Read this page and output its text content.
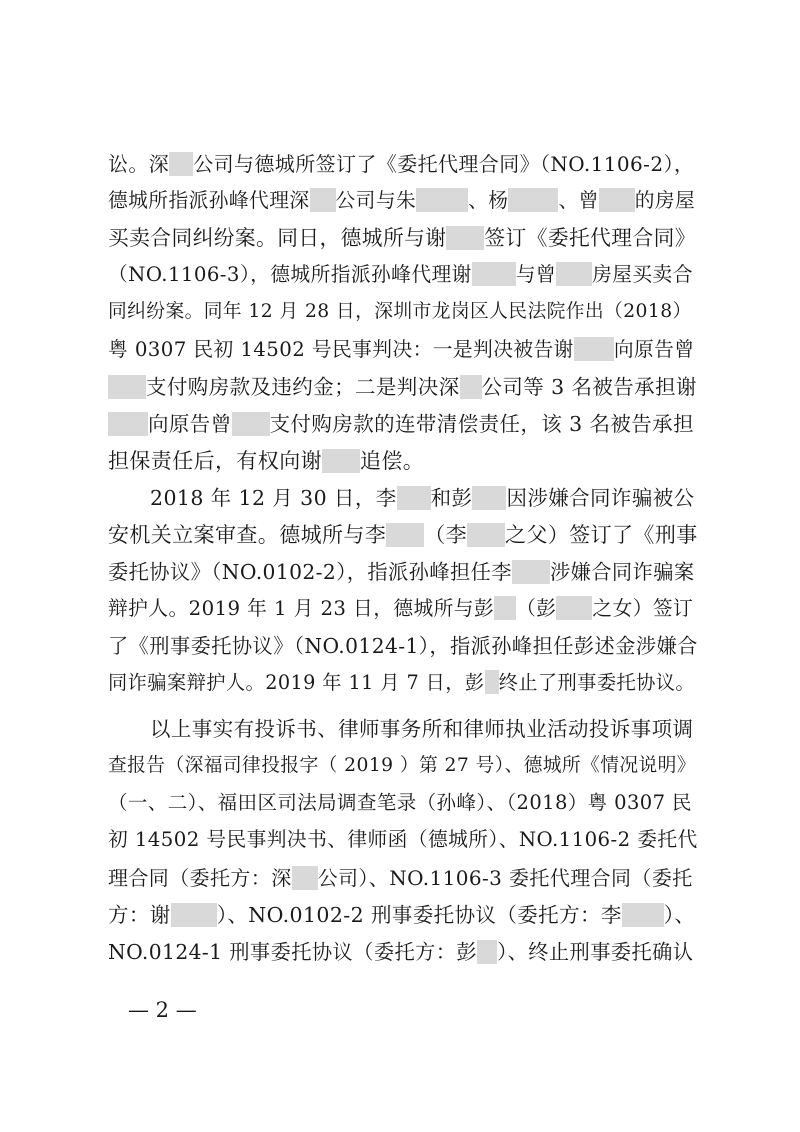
讼。深 公司与德城所签订了《委托代理合同》（NO.1106-2），
德城所指派孙峰代理深 公司与朱	、杨	、曾 的房屋
买卖合同纠纷案。同日，德城所与谢 签订《委托代理合同》
（NO.1106-3），德城所指派孙峰代理谢 与曾 房屋买卖合
同纠纷案。同年 12 月 28 日，深圳市龙岗区人民法院作出（2018）
粤 0307 民初 14502 号民事判决：一是判决被告谢 向原告曾
支付购房款及违约金；二是判决深 公司等 3 名被告承担谢
向原告曾 支付购房款的连带清偿责任，该 3 名被告承担
担保责任后，有权向谢 追偿。
2018 年 12 月 30 日，李 和彭 因涉嫌合同诈骗被公
安机关立案审查。德城所与李 （李 之父）签订了《刑事
委托协议》（NO.0102-2），指派孙峰担任李 涉嫌合同诈骗案
辩护人。2019 年 1 月 23 日，德城所与彭 （彭 之女）签订
了《刑事委托协议》（NO.0124-1），指派孙峰担任彭述金涉嫌合
同诈骗案辩护人。2019 年 11 月 7 日，彭 终止了刑事委托协议。
以上事实有投诉书、律师事务所和律师执业活动投诉事项调
查报告（深福司律投报字（ 2019 ）第 27 号）、德城所《情况说明》
（一、二）、福田区司法局调查笔录（孙峰）、（2018）粤 0307 民
初 14502 号民事判决书、律师函（德城所）、NO.1106-2 委托代
理合同（委托方：深 公司）、NO.1106-3 委托代理合同（委托
方：谢 ）、NO.0102-2 刑事委托协议（委托方：李 ）、
NO.0124-1 刑事委托协议（委托方：彭 ）、终止刑事委托确认
— 2 —
